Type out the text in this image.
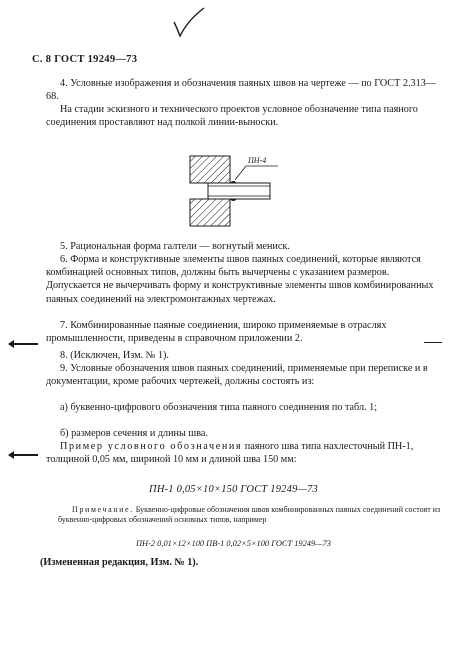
С. 8 ГОСТ 19249—73
4. Условные изображения и обозначения паяных швов на чертеже — по ГОСТ 2.313—68.
На стадии эскизного и технического проектов условное обозначение типа паяного соединения проставляют над полкой линии-выноски.
ПН-4
5. Рациональная форма галтели — вогнутый мениск.
6. Форма и конструктивные элементы швов паяных соединений, которые являются комбинацией основных типов, должны быть вычерчены с указанием размеров. Допускается не вычерчивать форму и конструктивные элементы швов комбинированных паяных соединений на электромонтажных чертежах.
7. Комбинированные паяные соединения, широко применяемые в отраслях промышленности, приведены в справочном приложении 2.
8. (Исключен, Изм. № 1).
9. Условные обозначения швов паяных соединений, применяемые при переписке и в документации, кроме рабочих чертежей, должны состоять из:
а) буквенно-цифрового обозначения типа паяного соединения по табл. 1;
б) размеров сечения и длины шва.
Пример условного обозначения паяного шва типа нахлесточный ПН-1, толщиной 0,05 мм, шириной 10 мм и длиной шва 150 мм:
ПН-1 0,05×10×150 ГОСТ 19249—73
Примечание. Буквенно-цифровые обозначения швов комбинированных паяных соединений состоят из буквенно-цифровых обозначений основных типов, например
ПН-2 0,01×12×100 ПВ-1 0,02×5×100 ГОСТ 19249—73
(Измененная редакция, Изм. № 1).
